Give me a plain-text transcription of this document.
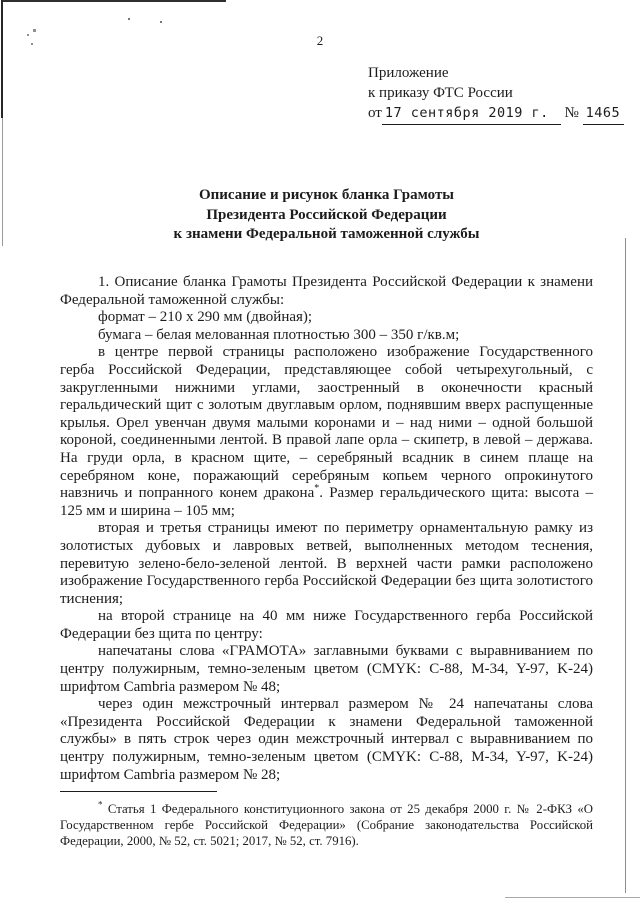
2
Приложение
к приказу ФТС России
от 17 сентября 2019 г. № 1465
Описание и рисунок бланка Грамоты
Президента Российской Федерации
к знамени Федеральной таможенной службы

1. Описание бланка Грамоты Президента Российской Федерации к знамени Федеральной таможенной службы:

формат – 210 х 290 мм (двойная);

бумага – белая мелованная плотностью 300 – 350 г/кв.м;

в центре первой страницы расположено изображение Государственного герба Российской Федерации, представляющее собой четырехугольный, с закругленными нижними углами, заостренный в оконечности красный геральдический щит с золотым двуглавым орлом, поднявшим вверх распущенные крылья. Орел увенчан двумя малыми коронами и – над ними – одной большой короной, соединенными лентой. В правой лапе орла – скипетр, в левой – держава. На груди орла, в красном щите, – серебряный всадник в синем плаще на серебряном коне, поражающий серебряным копьем черного опрокинутого навзничь и попранного конем дракона*. Размер геральдического щита: высота – 125 мм и ширина – 105 мм;

вторая и третья страницы имеют по периметру орнаментальную рамку из золотистых дубовых и лавровых ветвей, выполненных методом теснения, перевитую зелено-бело-зеленой лентой. В верхней части рамки расположено изображение Государственного герба Российской Федерации без щита золотистого тиснения;

на второй странице на 40 мм ниже Государственного герба Российской Федерации без щита по центру:

напечатаны слова «ГРАМОТА» заглавными буквами с выравниванием по центру полужирным, темно-зеленым цветом (CMYK: C-88, M-34, Y-97, K-24) шрифтом Cambria размером № 48;

через один межстрочный интервал размером № 24 напечатаны слова «Президента Российской Федерации к знамени Федеральной таможенной службы» в пять строк через один межстрочный интервал с выравниванием по центру полужирным, темно-зеленым цветом (CMYK: C-88, M-34, Y-97, K-24) шрифтом Cambria размером № 28;

* Статья 1 Федерального конституционного закона от 25 декабря 2000 г. № 2-ФКЗ «О Государственном гербе Российской Федерации» (Собрание законодательства Российской Федерации, 2000, № 52, ст. 5021; 2017, № 52, ст. 7916).
